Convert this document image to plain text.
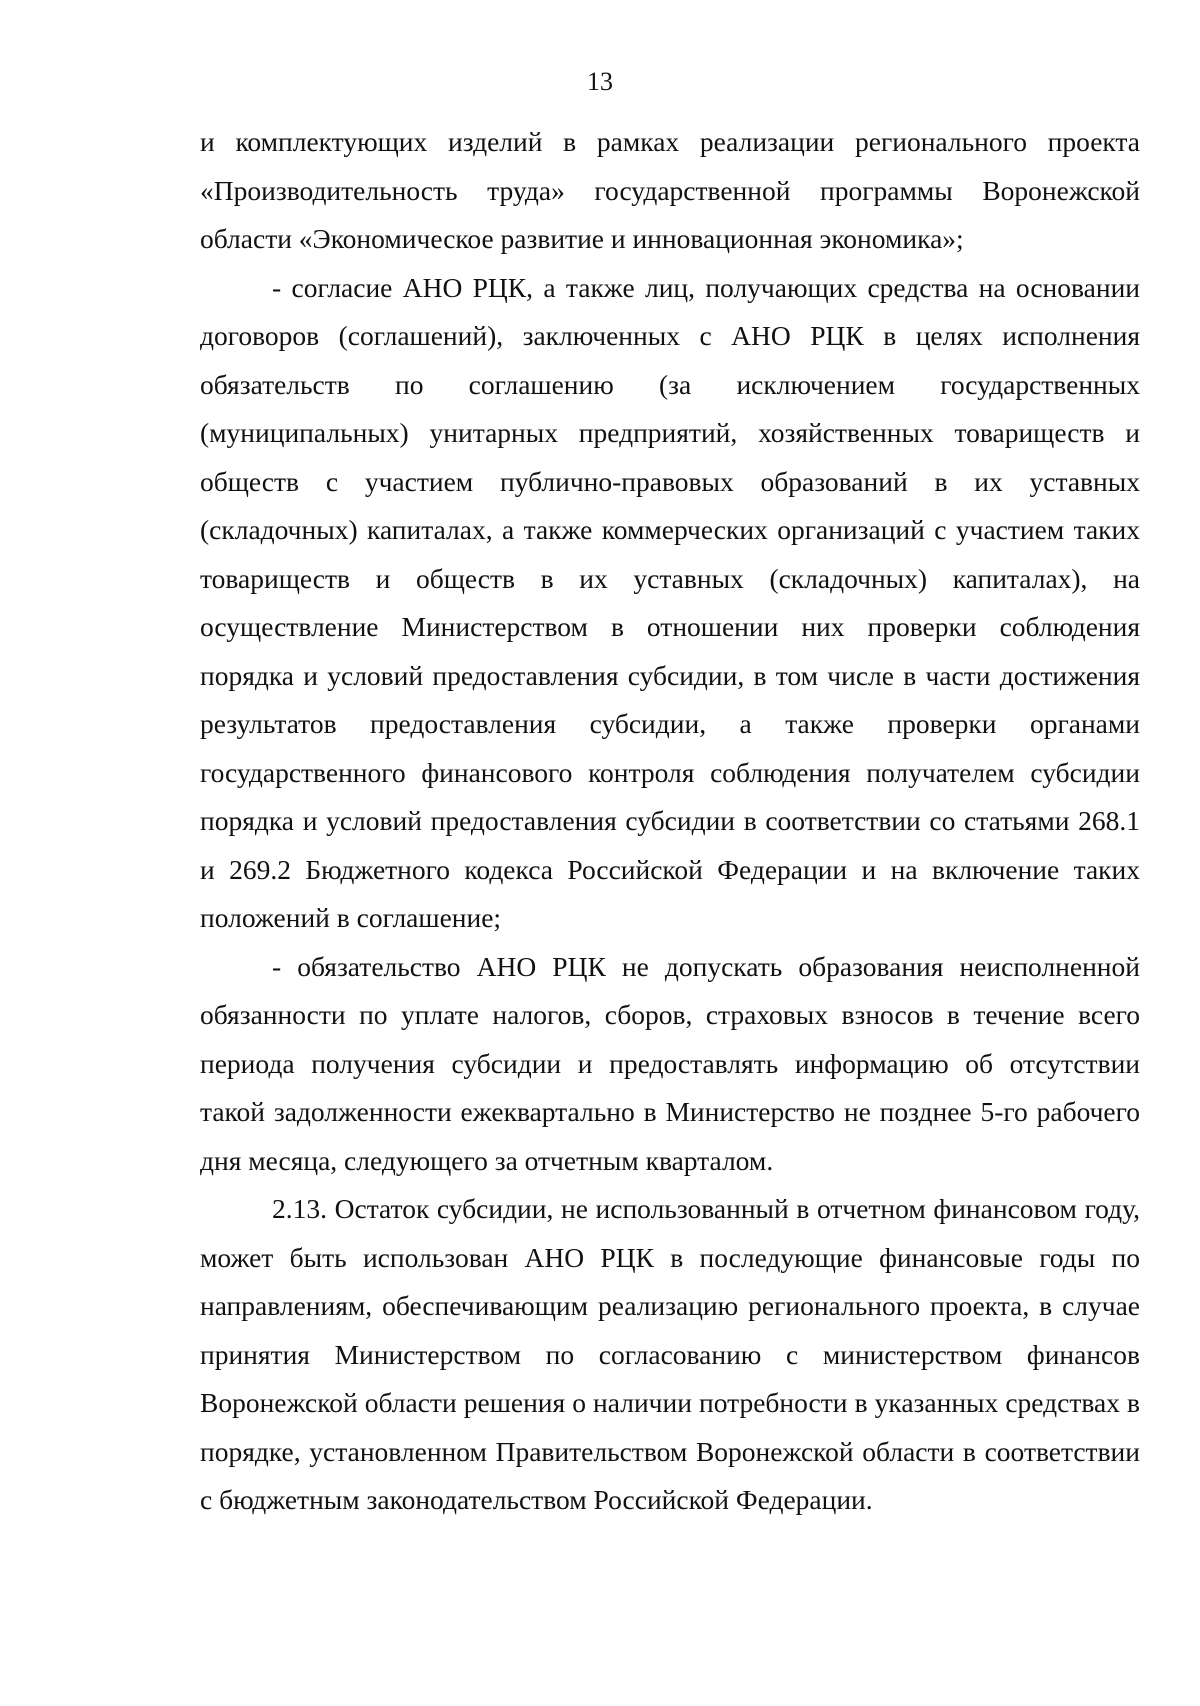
13

и комплектующих изделий в рамках реализации регионального проекта «Производительность труда» государственной программы Воронежской области «Экономическое развитие и инновационная экономика»;

- согласие АНО РЦК, а также лиц, получающих средства на основании договоров (соглашений), заключенных с АНО РЦК в целях исполнения обязательств по соглашению (за исключением государственных (муниципальных) унитарных предприятий, хозяйственных товариществ и обществ с участием публично-правовых образований в их уставных (складочных) капиталах, а также коммерческих организаций с участием таких товариществ и обществ в их уставных (складочных) капиталах), на осуществление Министерством в отношении них проверки соблюдения порядка и условий предоставления субсидии, в том числе в части достижения результатов предоставления субсидии, а также проверки органами государственного финансового контроля соблюдения получателем субсидии порядка и условий предоставления субсидии в соответствии со статьями 268.1 и 269.2 Бюджетного кодекса Российской Федерации и на включение таких положений в соглашение;

- обязательство АНО РЦК не допускать образования неисполненной обязанности по уплате налогов, сборов, страховых взносов в течение всего периода получения субсидии и предоставлять информацию об отсутствии такой задолженности ежеквартально в Министерство не позднее 5-го рабочего дня месяца, следующего за отчетным кварталом.

2.13. Остаток субсидии, не использованный в отчетном финансовом году, может быть использован АНО РЦК в последующие финансовые годы по направлениям, обеспечивающим реализацию регионального проекта, в случае принятия Министерством по согласованию с министерством финансов Воронежской области решения о наличии потребности в указанных средствах в порядке, установленном Правительством Воронежской области в соответствии с бюджетным законодательством Российской Федерации.
